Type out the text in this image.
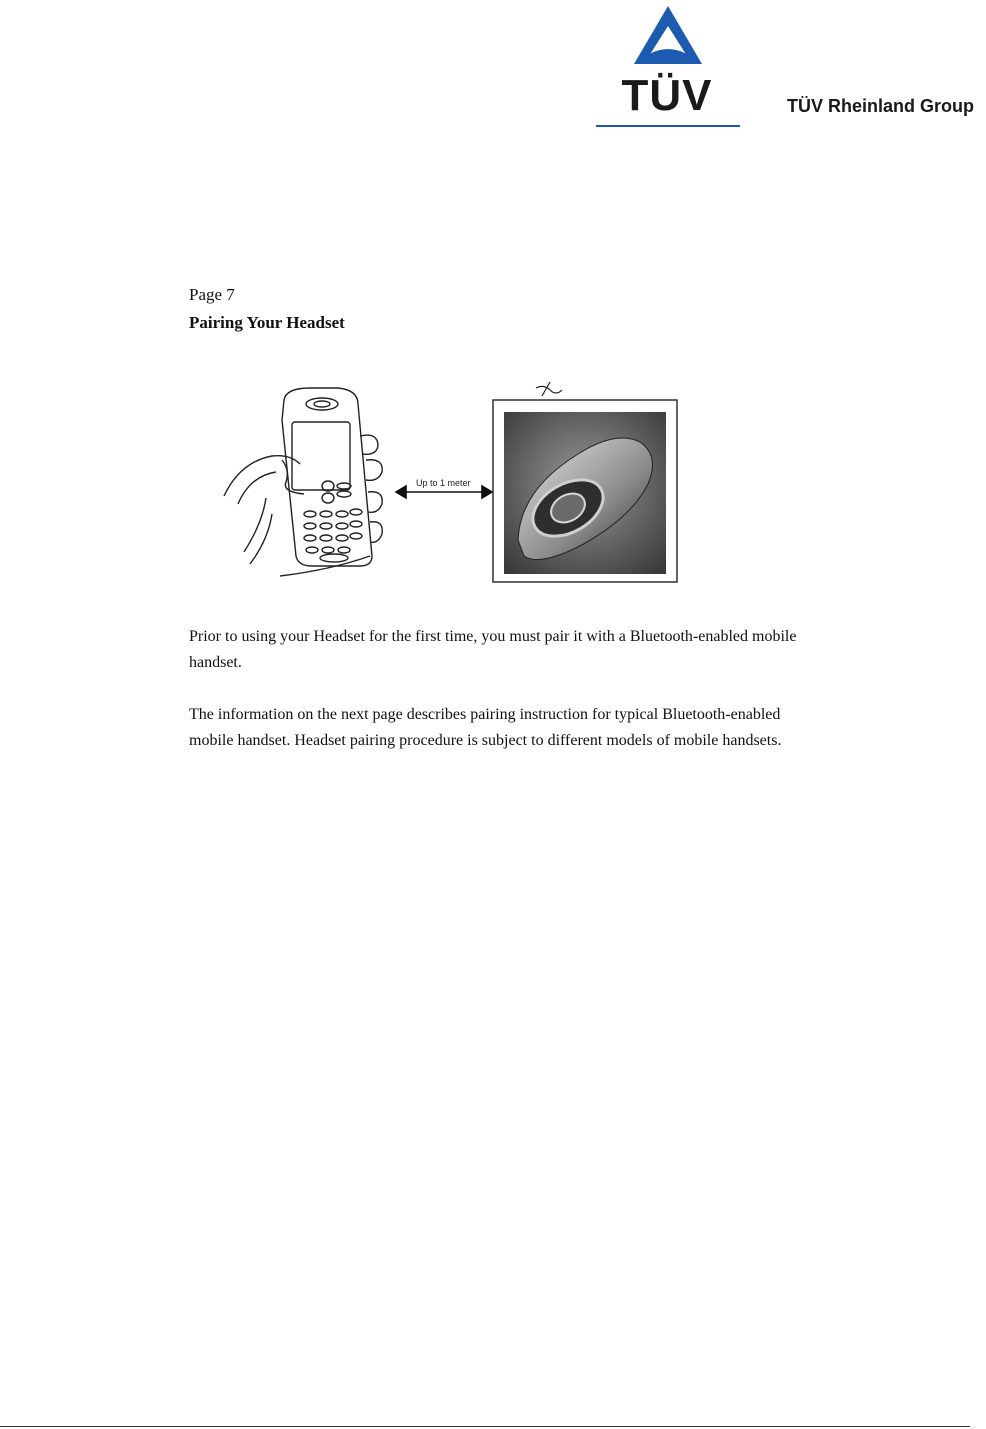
TÜV	TÜV Rheinland Group
Page 7
Pairing Your Headset
Up to 1 meter

Prior to using your Headset for the first time, you must pair it with a Bluetooth-enabled mobile handset.

The information on the next page describes pairing instruction for typical Bluetooth-enabled mobile handset. Headset pairing procedure is subject to different models of mobile handsets.
